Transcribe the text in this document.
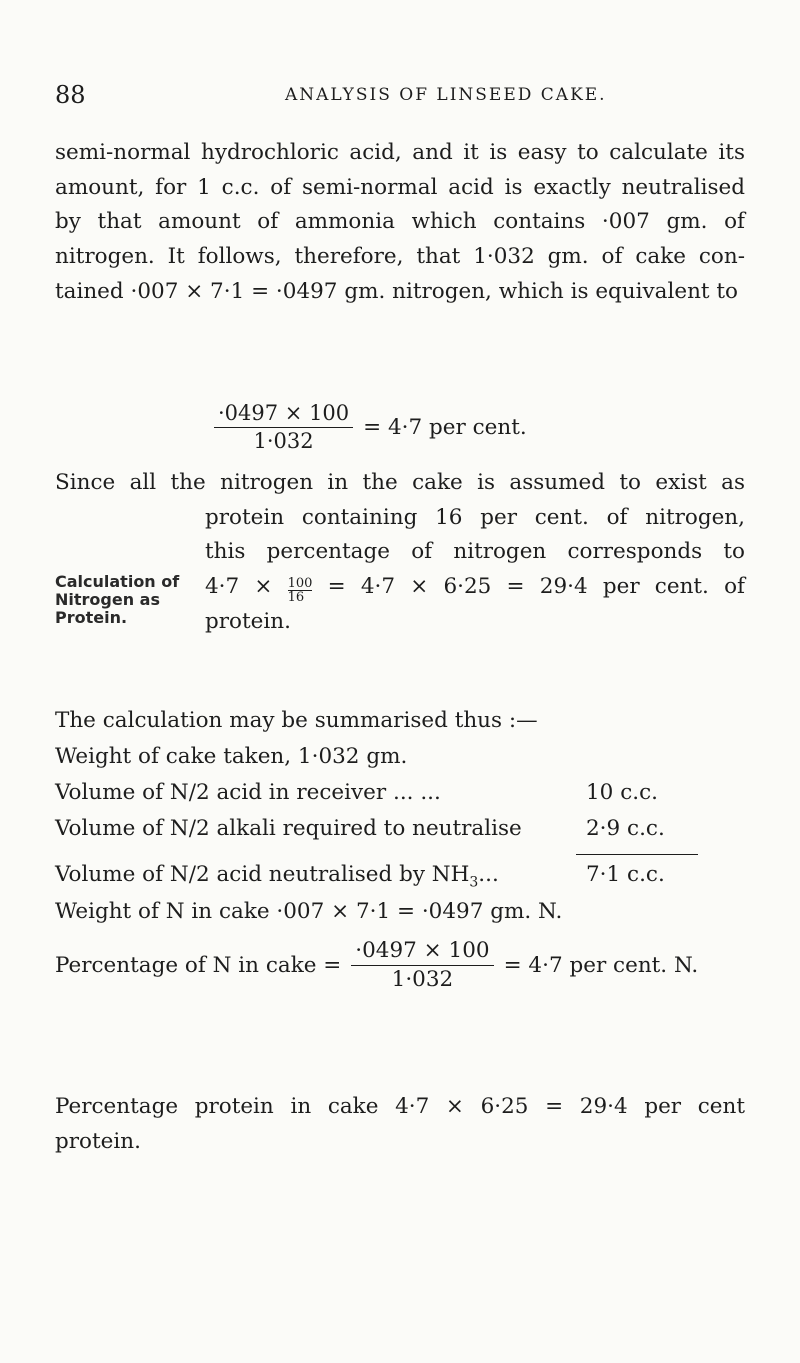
88	ANALYSIS OF LINSEED CAKE.
semi-normal hydrochloric acid, and it is easy to calculate its
amount, for 1 c.c. of semi-normal acid is exactly neutralised
by that amount of ammonia which contains ·007 gm. of
nitrogen. It follows, therefore, that 1·032 gm. of cake con-
tained ·007 × 7·1 = ·0497 gm. nitrogen, which is equivalent to
$\frac{\cdot 0497 \times 100}{1\cdot 032} = 4\cdot 7$ per cent.
Since all the nitrogen in the cake is assumed to exist as
protein containing 16 per cent. of nitrogen,
this percentage of nitrogen corresponds to
$4\cdot 7 \times \frac{100}{16} = 4\cdot 7 \times 6\cdot 25 = 29\cdot 4$ per cent. of
protein.
Calculation of
Nitrogen as
Protein.
The calculation may be summarised thus :—
Weight of cake taken, 1·032 gm.
Volume of N/2 acid in receiver ... ...	10 c.c.
Volume of N/2 alkali required to neutralise	2·9 c.c.
Volume of N/2 acid neutralised by $NH_3$...	7·1 c.c.
Weight of N in cake ·007 × 7·1 = ·0497 gm. N.
Percentage of N in cake = $\frac{\cdot 0497 \times 100}{1\cdot 032} = 4\cdot 7$ per cent. N.
Percentage protein in cake 4·7 × 6·25 = 29·4 per cent
protein.
